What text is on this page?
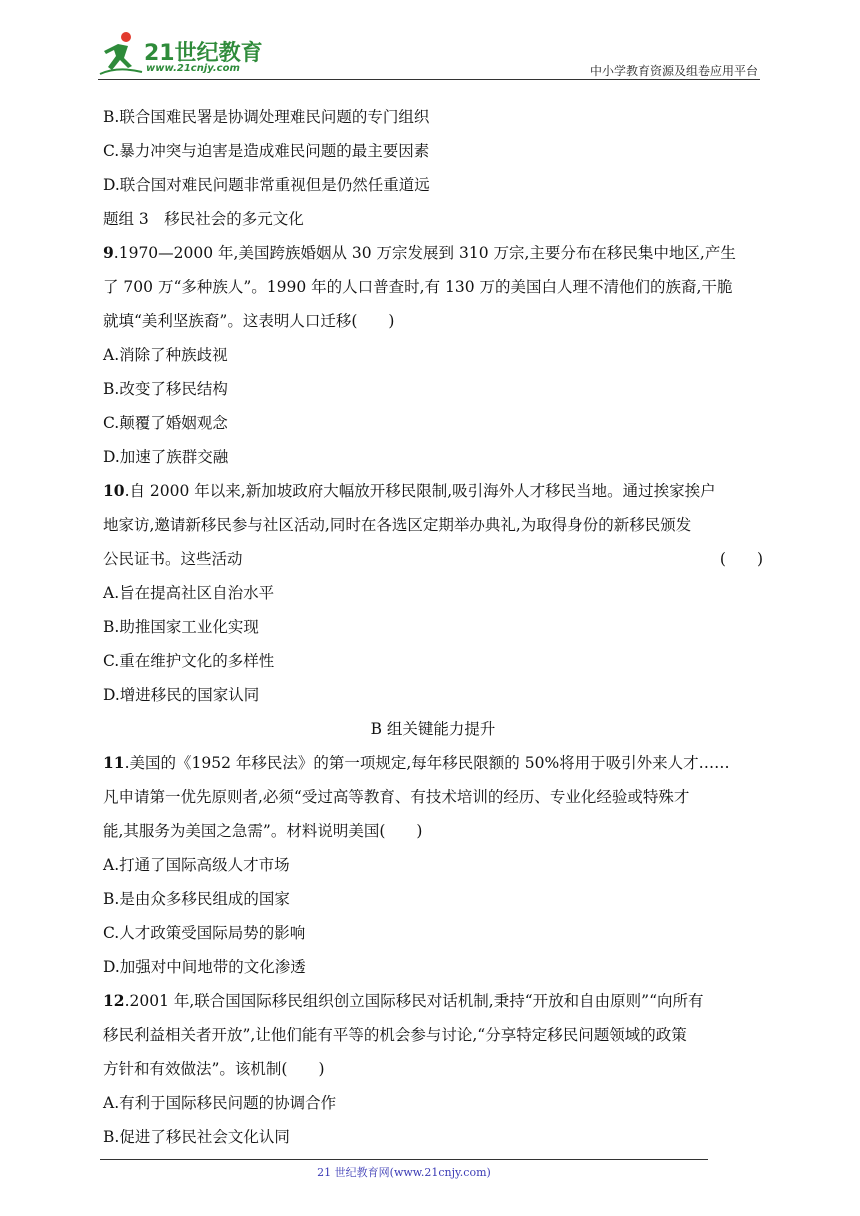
21世纪教育
www.21cnjy.com	中小学教育资源及组卷应用平台
B.联合国难民署是协调处理难民问题的专门组织
C.暴力冲突与迫害是造成难民问题的最主要因素
D.联合国对难民问题非常重视但是仍然任重道远
题组 3　移民社会的多元文化
9.1970—2000 年,美国跨族婚姻从 30 万宗发展到 310 万宗,主要分布在移民集中地区,产生
了 700 万“多种族人”。1990 年的人口普查时,有 130 万的美国白人理不清他们的族裔,干脆
就填“美利坚族裔”。这表明人口迁移(　　)
A.消除了种族歧视
B.改变了移民结构
C.颠覆了婚姻观念
D.加速了族群交融
10.自 2000 年以来,新加坡政府大幅放开移民限制,吸引海外人才移民当地。通过挨家挨户
地家访,邀请新移民参与社区活动,同时在各选区定期举办典礼,为取得身份的新移民颁发
公民证书。这些活动	(　　)
A.旨在提高社区自治水平
B.助推国家工业化实现
C.重在维护文化的多样性
D.增进移民的国家认同
B 组关键能力提升
11.美国的《1952 年移民法》的第一项规定,每年移民限额的 50%将用于吸引外来人才……
凡申请第一优先原则者,必须“受过高等教育、有技术培训的经历、专业化经验或特殊才
能,其服务为美国之急需”。材料说明美国(　　)
A.打通了国际高级人才市场
B.是由众多移民组成的国家
C.人才政策受国际局势的影响
D.加强对中间地带的文化渗透
12.2001 年,联合国国际移民组织创立国际移民对话机制,秉持“开放和自由原则”“向所有
移民利益相关者开放”,让他们能有平等的机会参与讨论,“分享特定移民问题领域的政策
方针和有效做法”。该机制(　　)
A.有利于国际移民问题的协调合作
B.促进了移民社会文化认同
21 世纪教育网(www.21cnjy.com)
